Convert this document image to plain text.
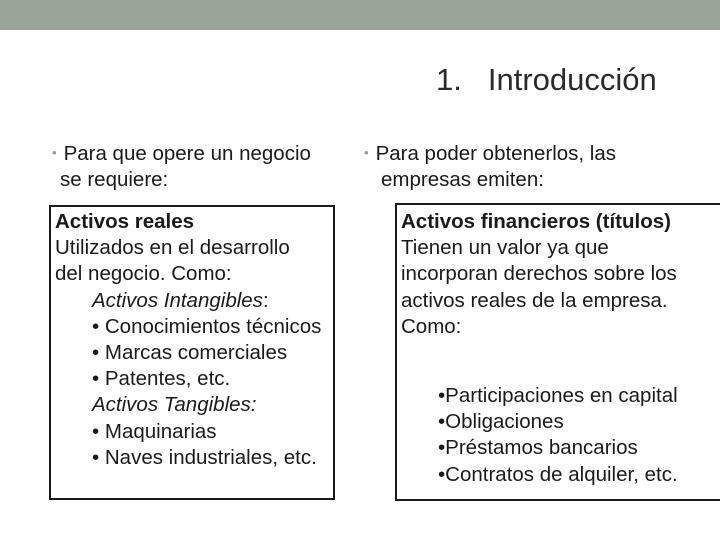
1. Introducción
• Para que opere un negocio
se requiere:
• Para poder obtenerlos, las
empresas emiten:
Activos reales
Utilizados en el desarrollo
del negocio. Como:
Activos Intangibles:
• Conocimientos técnicos
• Marcas comerciales
• Patentes, etc.
Activos Tangibles:
• Maquinarias
• Naves industriales, etc.
Activos financieros (títulos)
Tienen un valor ya que
incorporan derechos sobre los
activos reales de la empresa.
Como:
•Participaciones en capital
•Obligaciones
•Préstamos bancarios
•Contratos de alquiler, etc.
